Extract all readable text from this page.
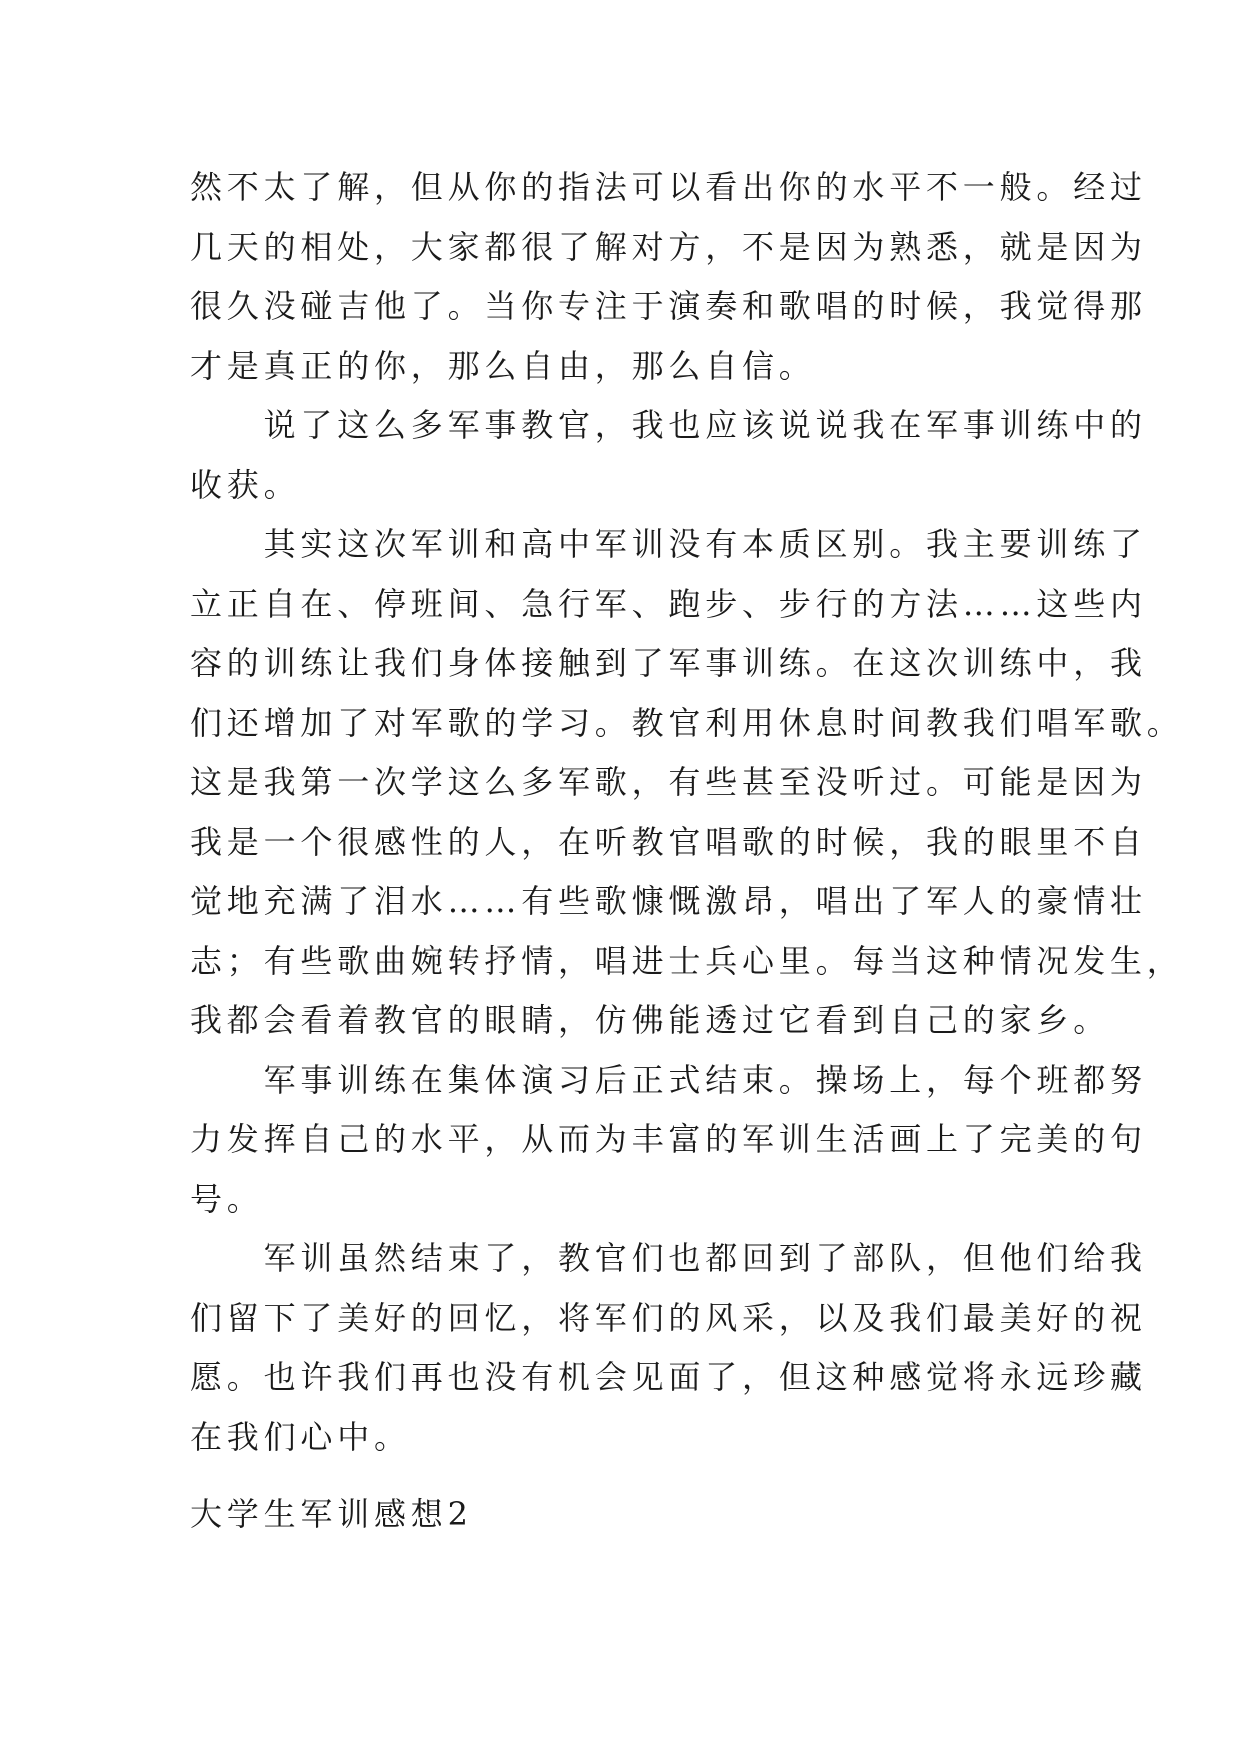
然不太了解，但从你的指法可以看出你的水平不一般。经过
几天的相处，大家都很了解对方，不是因为熟悉，就是因为
很久没碰吉他了。当你专注于演奏和歌唱的时候，我觉得那
才是真正的你，那么自由，那么自信。
　　说了这么多军事教官，我也应该说说我在军事训练中的
收获。
　　其实这次军训和高中军训没有本质区别。我主要训练了
立正自在、停班间、急行军、跑步、步行的方法……这些内
容的训练让我们身体接触到了军事训练。在这次训练中，我
们还增加了对军歌的学习。教官利用休息时间教我们唱军歌。
这是我第一次学这么多军歌，有些甚至没听过。可能是因为
我是一个很感性的人，在听教官唱歌的时候，我的眼里不自
觉地充满了泪水……有些歌慷慨激昂，唱出了军人的豪情壮
志；有些歌曲婉转抒情，唱进士兵心里。每当这种情况发生，
我都会看着教官的眼睛，仿佛能透过它看到自己的家乡。
　　军事训练在集体演习后正式结束。操场上，每个班都努
力发挥自己的水平，从而为丰富的军训生活画上了完美的句
号。
　　军训虽然结束了，教官们也都回到了部队，但他们给我
们留下了美好的回忆，将军们的风采，以及我们最美好的祝
愿。也许我们再也没有机会见面了，但这种感觉将永远珍藏
在我们心中。
大学生军训感想2
